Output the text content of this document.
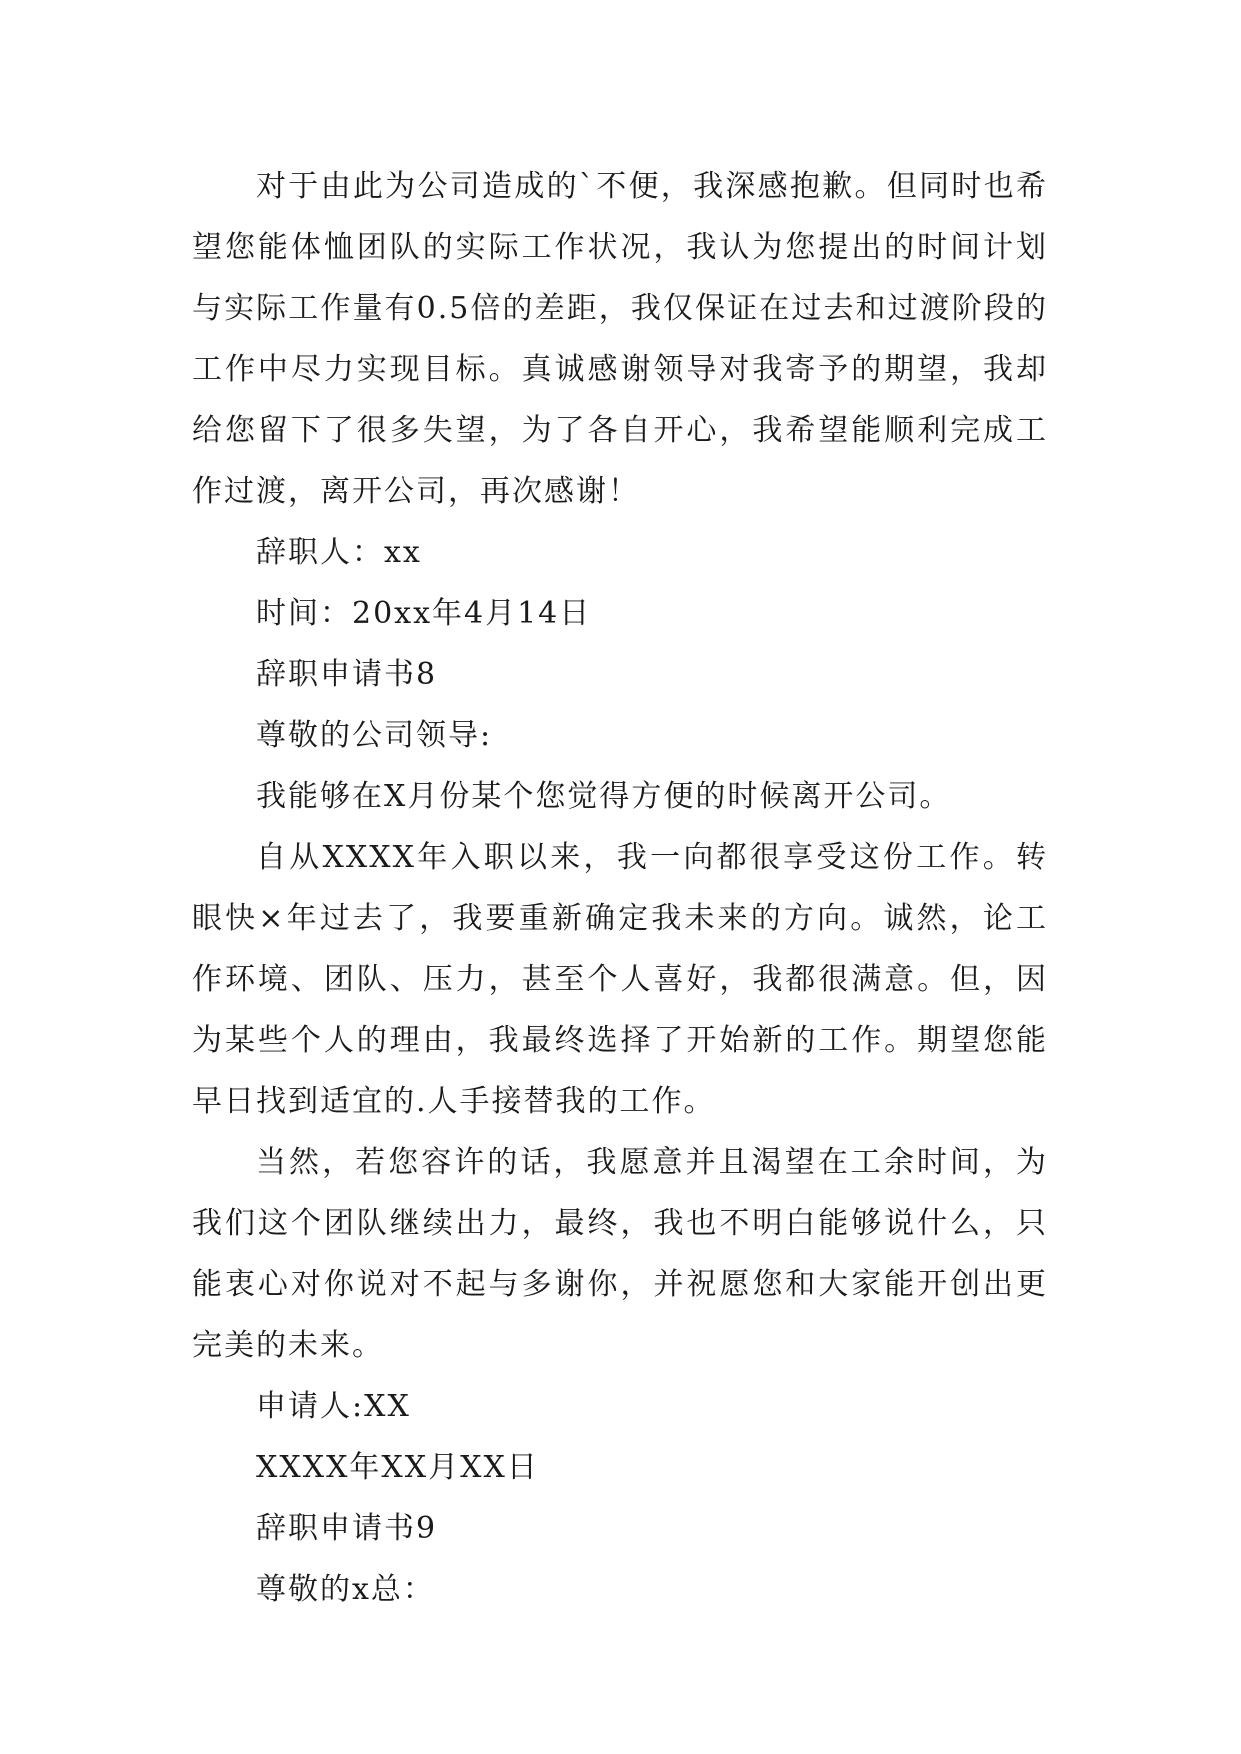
对于由此为公司造成的`不便，我深感抱歉。但同时也希望您能体恤团队的实际工作状况，我认为您提出的时间计划与实际工作量有0.5倍的差距，我仅保证在过去和过渡阶段的工作中尽力实现目标。真诚感谢领导对我寄予的期望，我却给您留下了很多失望，为了各自开心，我希望能顺利完成工作过渡，离开公司，再次感谢！

辞职人：xx

时间：20xx年4月14日

辞职申请书8

尊敬的公司领导:

我能够在X月份某个您觉得方便的时候离开公司。

自从XXXX年入职以来，我一向都很享受这份工作。转眼快×年过去了，我要重新确定我未来的方向。诚然，论工作环境、团队、压力，甚至个人喜好，我都很满意。但，因为某些个人的理由，我最终选择了开始新的工作。期望您能早日找到适宜的.人手接替我的工作。

当然，若您容许的话，我愿意并且渴望在工余时间，为我们这个团队继续出力，最终，我也不明白能够说什么，只能衷心对你说对不起与多谢你，并祝愿您和大家能开创出更完美的未来。

申请人:XX

XXXX年XX月XX日

辞职申请书9

尊敬的x总：
